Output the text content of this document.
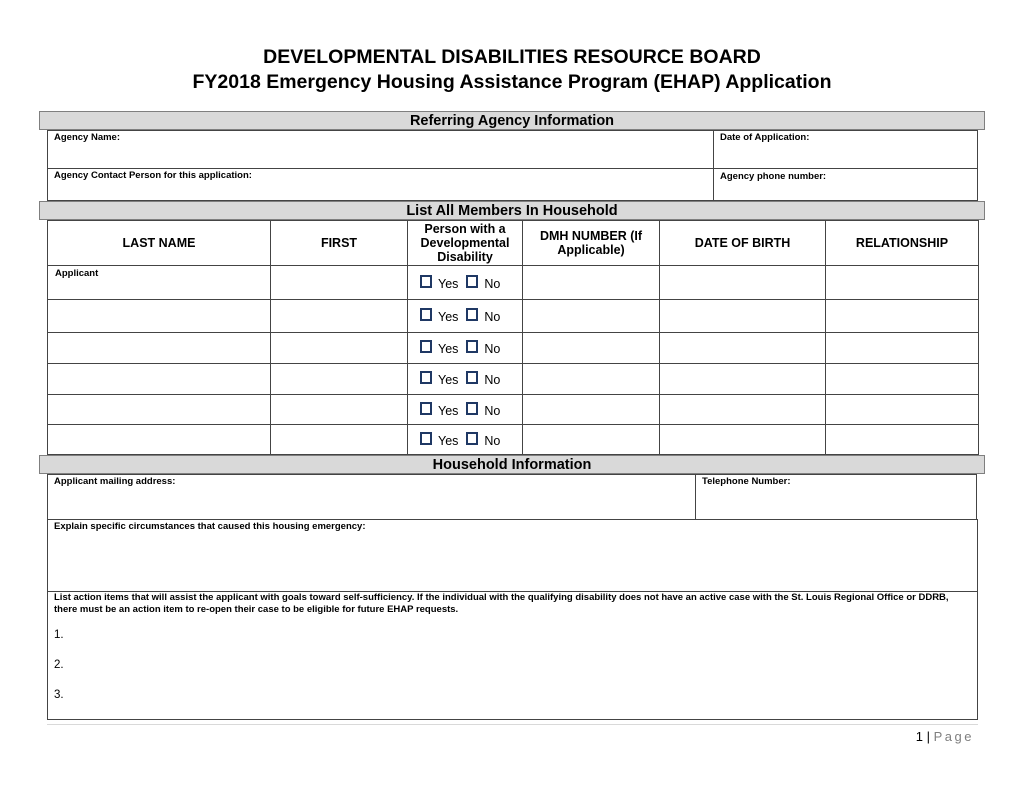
DEVELOPMENTAL DISABILITIES RESOURCE BOARD
FY2018 Emergency Housing Assistance Program (EHAP) Application
Referring Agency Information
Agency Name:	Date of Application:
Agency Contact Person for this application:	Agency phone number:
List All Members In Household
LAST NAME	FIRST	Person with a Developmental Disability	DMH NUMBER (If Applicable)	DATE OF BIRTH	RELATIONSHIP

Applicant		Yes No			
		Yes No			
		Yes No			
		Yes No			
		Yes No			
		Yes No			
Household Information
Applicant mailing address:	Telephone Number:
Explain specific circumstances that caused this housing emergency:
List action items that will assist the applicant with goals toward self-sufficiency. If the individual with the qualifying disability does not have an active case with the St. Louis Regional Office or DDRB, there must be an action item to re-open their case to be eligible for future EHAP requests.
1.
2.
3.
1 | Page
